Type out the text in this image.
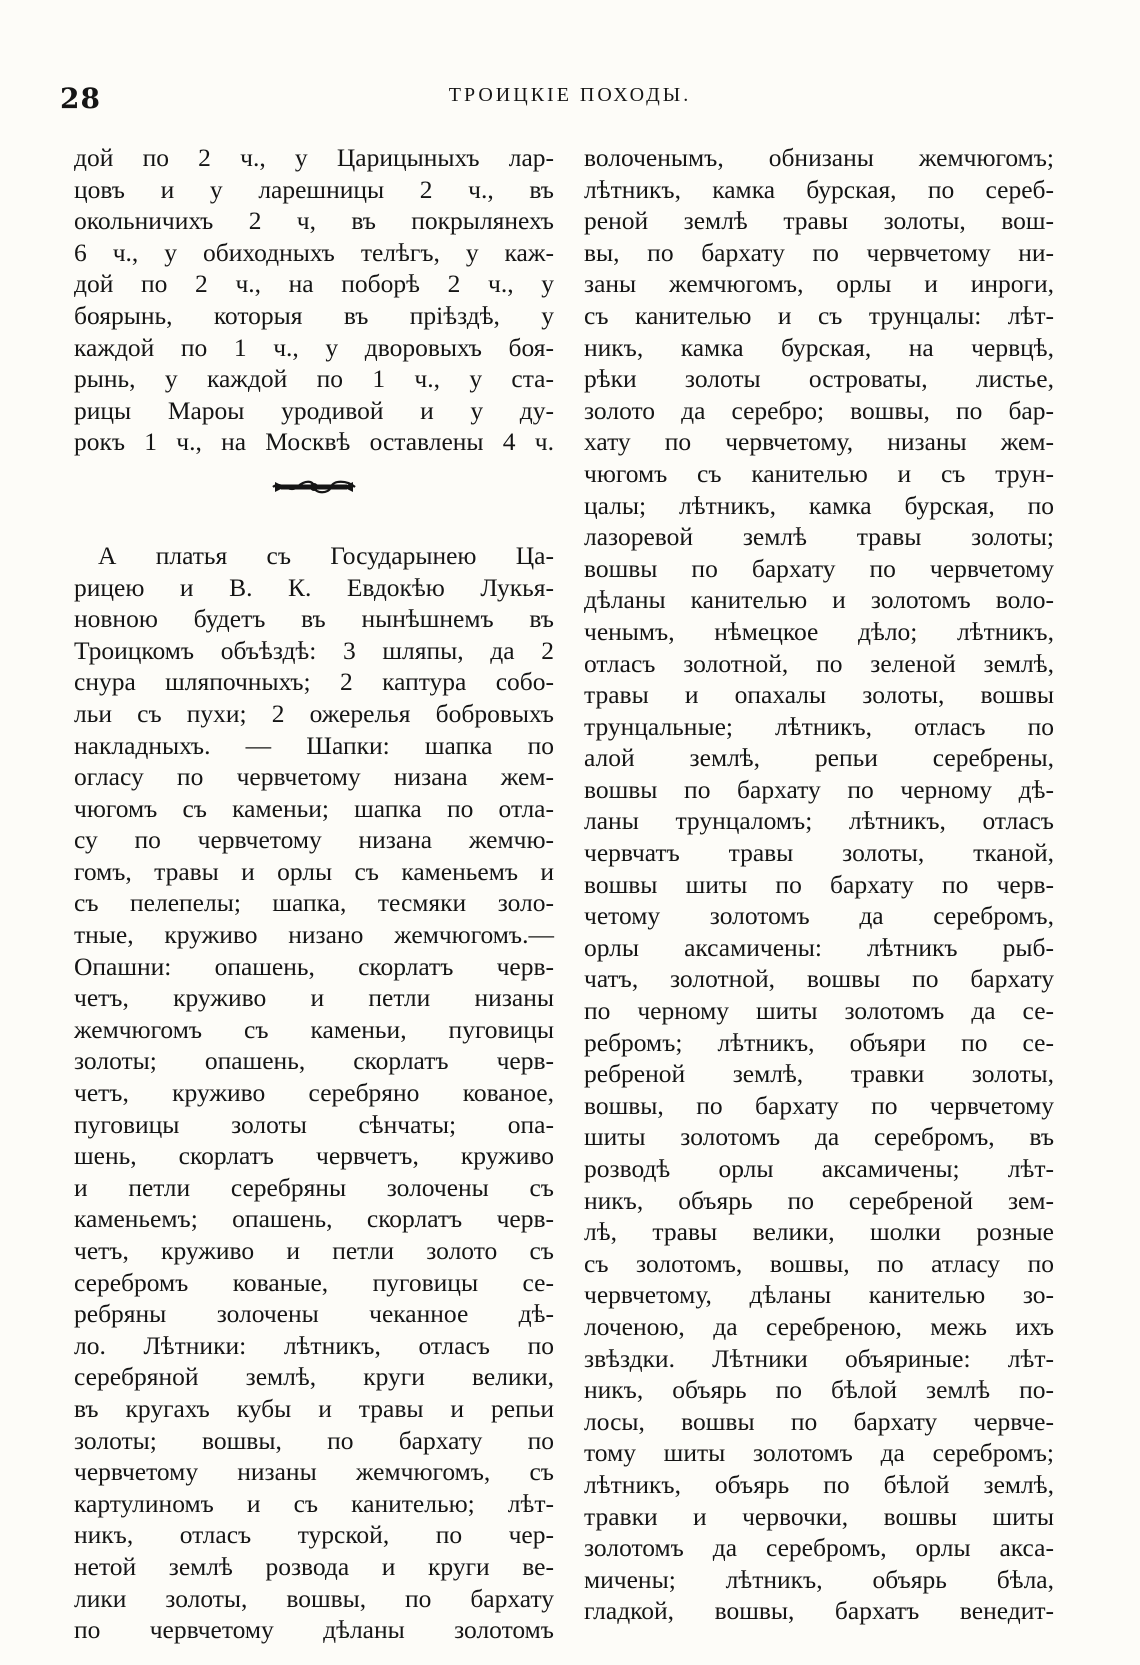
28	ТРОИЦКІЕ ПОХОДЫ.
дой по 2 ч., у Царицыныхъ лар-
цовъ и у ларешницы 2 ч., въ
окольничихъ 2 ч, въ покрылянехъ
6 ч., у обиходныхъ телѣгъ, у каж-
дой по 2 ч., на поборѣ 2 ч., у
боярынь, которыя въ пріѣздѣ, у
каждой по 1 ч., у дворовыхъ боя-
рынь, у каждой по 1 ч., у ста-
рицы Мароы уродивой и у ду-
рокъ 1 ч., на Москвѣ оставлены 4 ч.
А платья съ Государынею Ца-
рицею и В. К. Евдокѣю Лукья-
новною будетъ въ нынѣшнемъ въ
Троицкомъ объѣздѣ: 3 шляпы, да 2
снура шляпочныхъ; 2 каптура собо-
льи съ пухи; 2 ожерелья бобровыхъ
накладныхъ. — Шапки: шапка по
огласу по червчетому низана жем-
чюгомъ съ каменьи; шапка по отла-
су по червчетому низана жемчю-
гомъ, травы и орлы съ каменьемъ и
съ пелепелы; шапка, тесмяки золо-
тные, круживо низано жемчюгомъ.—
Опашни: опашень, скорлатъ черв-
четъ, круживо и петли низаны
жемчюгомъ съ каменьи, пуговицы
золоты; опашень, скорлатъ черв-
четъ, круживо серебряно кованое,
пуговицы золоты сѣнчаты; опа-
шень, скорлатъ червчетъ, круживо
и петли серебряны золочены съ
каменьемъ; опашень, скорлатъ черв-
четъ, круживо и петли золото съ
серебромъ кованые, пуговицы се-
ребряны золочены чеканное дѣ-
ло. Лѣтники: лѣтникъ, отласъ по
серебряной землѣ, круги велики,
въ кругахъ кубы и травы и репьи
золоты; вошвы, по бархату по
червчетому низаны жемчюгомъ, съ
картулиномъ и съ канителью; лѣт-
никъ, отласъ турской, по чер-
нетой землѣ розвода и круги ве-
лики золоты, вошвы, по бархату
по червчетому дѣланы золотомъ
волоченымъ, обнизаны жемчюгомъ;
лѣтникъ, камка бурская, по сереб-
реной землѣ травы золоты, вош-
вы, по бархату по червчетому ни-
заны жемчюгомъ, орлы и инроги,
съ канителью и съ трунцалы: лѣт-
никъ, камка бурская, на червцѣ,
рѣки золоты островаты, листье,
золото да серебро; вошвы, по бар-
хату по червчетому, низаны жем-
чюгомъ съ канителью и съ трун-
цалы; лѣтникъ, камка бурская, по
лазоревой землѣ травы золоты;
вошвы по бархату по червчетому
дѣланы канителью и золотомъ воло-
ченымъ, нѣмецкое дѣло; лѣтникъ,
отласъ золотной, по зеленой землѣ,
травы и опахалы золоты, вошвы
трунцальные; лѣтникъ, отласъ по
алой землѣ, репьи серебрены,
вошвы по бархату по черному дѣ-
ланы трунцаломъ; лѣтникъ, отласъ
червчатъ травы золоты, тканой,
вошвы шиты по бархату по черв-
четому золотомъ да серебромъ,
орлы аксамичены: лѣтникъ рыб-
чатъ, золотной, вошвы по бархату
по черному шиты золотомъ да се-
ребромъ; лѣтникъ, объяри по се-
ребреной землѣ, травки золоты,
вошвы, по бархату по червчетому
шиты золотомъ да серебромъ, въ
розводѣ орлы аксамичены; лѣт-
никъ, объярь по серебреной зем-
лѣ, травы велики, шолки розные
съ золотомъ, вошвы, по атласу по
червчетому, дѣланы канителью зо-
лоченою, да серебреною, межь ихъ
звѣздки. Лѣтники объяриные: лѣт-
никъ, объярь по бѣлой землѣ по-
лосы, вошвы по бархату червче-
тому шиты золотомъ да серебромъ;
лѣтникъ, объярь по бѣлой землѣ,
травки и червочки, вошвы шиты
золотомъ да серебромъ, орлы акса-
мичены; лѣтникъ, объярь бѣла,
гладкой, вошвы, бархатъ венедит-
